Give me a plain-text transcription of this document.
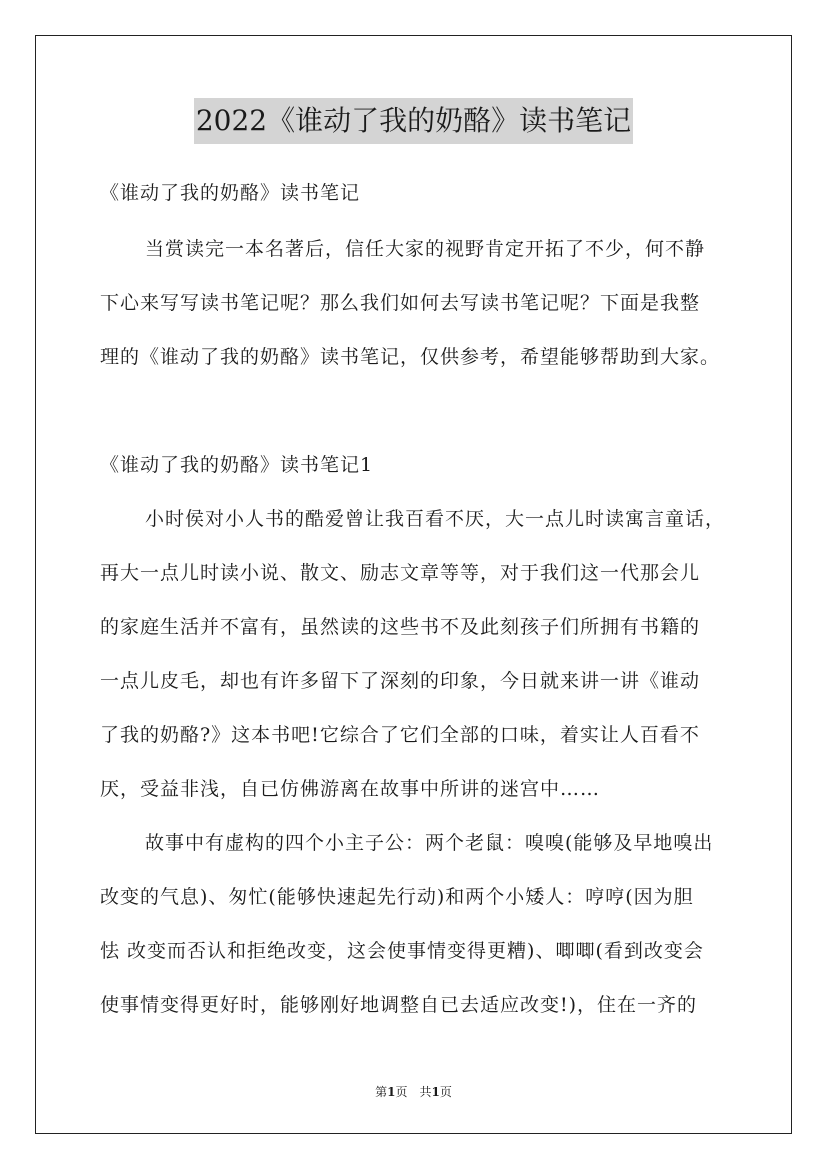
2022《谁动了我的奶酪》读书笔记
《谁动了我的奶酪》读书笔记
当赏读完一本名著后，信任大家的视野肯定开拓了不少，何不静
下心来写写读书笔记呢？那么我们如何去写读书笔记呢？下面是我整
理的《谁动了我的奶酪》读书笔记，仅供参考，希望能够帮助到大家。
《谁动了我的奶酪》读书笔记1
小时侯对小人书的酷爱曾让我百看不厌，大一点儿时读寓言童话，
再大一点儿时读小说、散文、励志文章等等，对于我们这一代那会儿
的家庭生活并不富有，虽然读的这些书不及此刻孩子们所拥有书籍的
一点儿皮毛，却也有许多留下了深刻的印象，今日就来讲一讲《谁动
了我的奶酪?》这本书吧!它综合了它们全部的口味，着实让人百看不
厌，受益非浅，自已仿佛游离在故事中所讲的迷宫中……
故事中有虚构的四个小主子公：两个老鼠：嗅嗅(能够及早地嗅出
改变的气息)、匆忙(能够快速起先行动)和两个小矮人：哼哼(因为胆
怯 改变而否认和拒绝改变，这会使事情变得更糟)、唧唧(看到改变会
使事情变得更好时，能够刚好地调整自已去适应改变!)，住在一齐的
第1页　共1页
